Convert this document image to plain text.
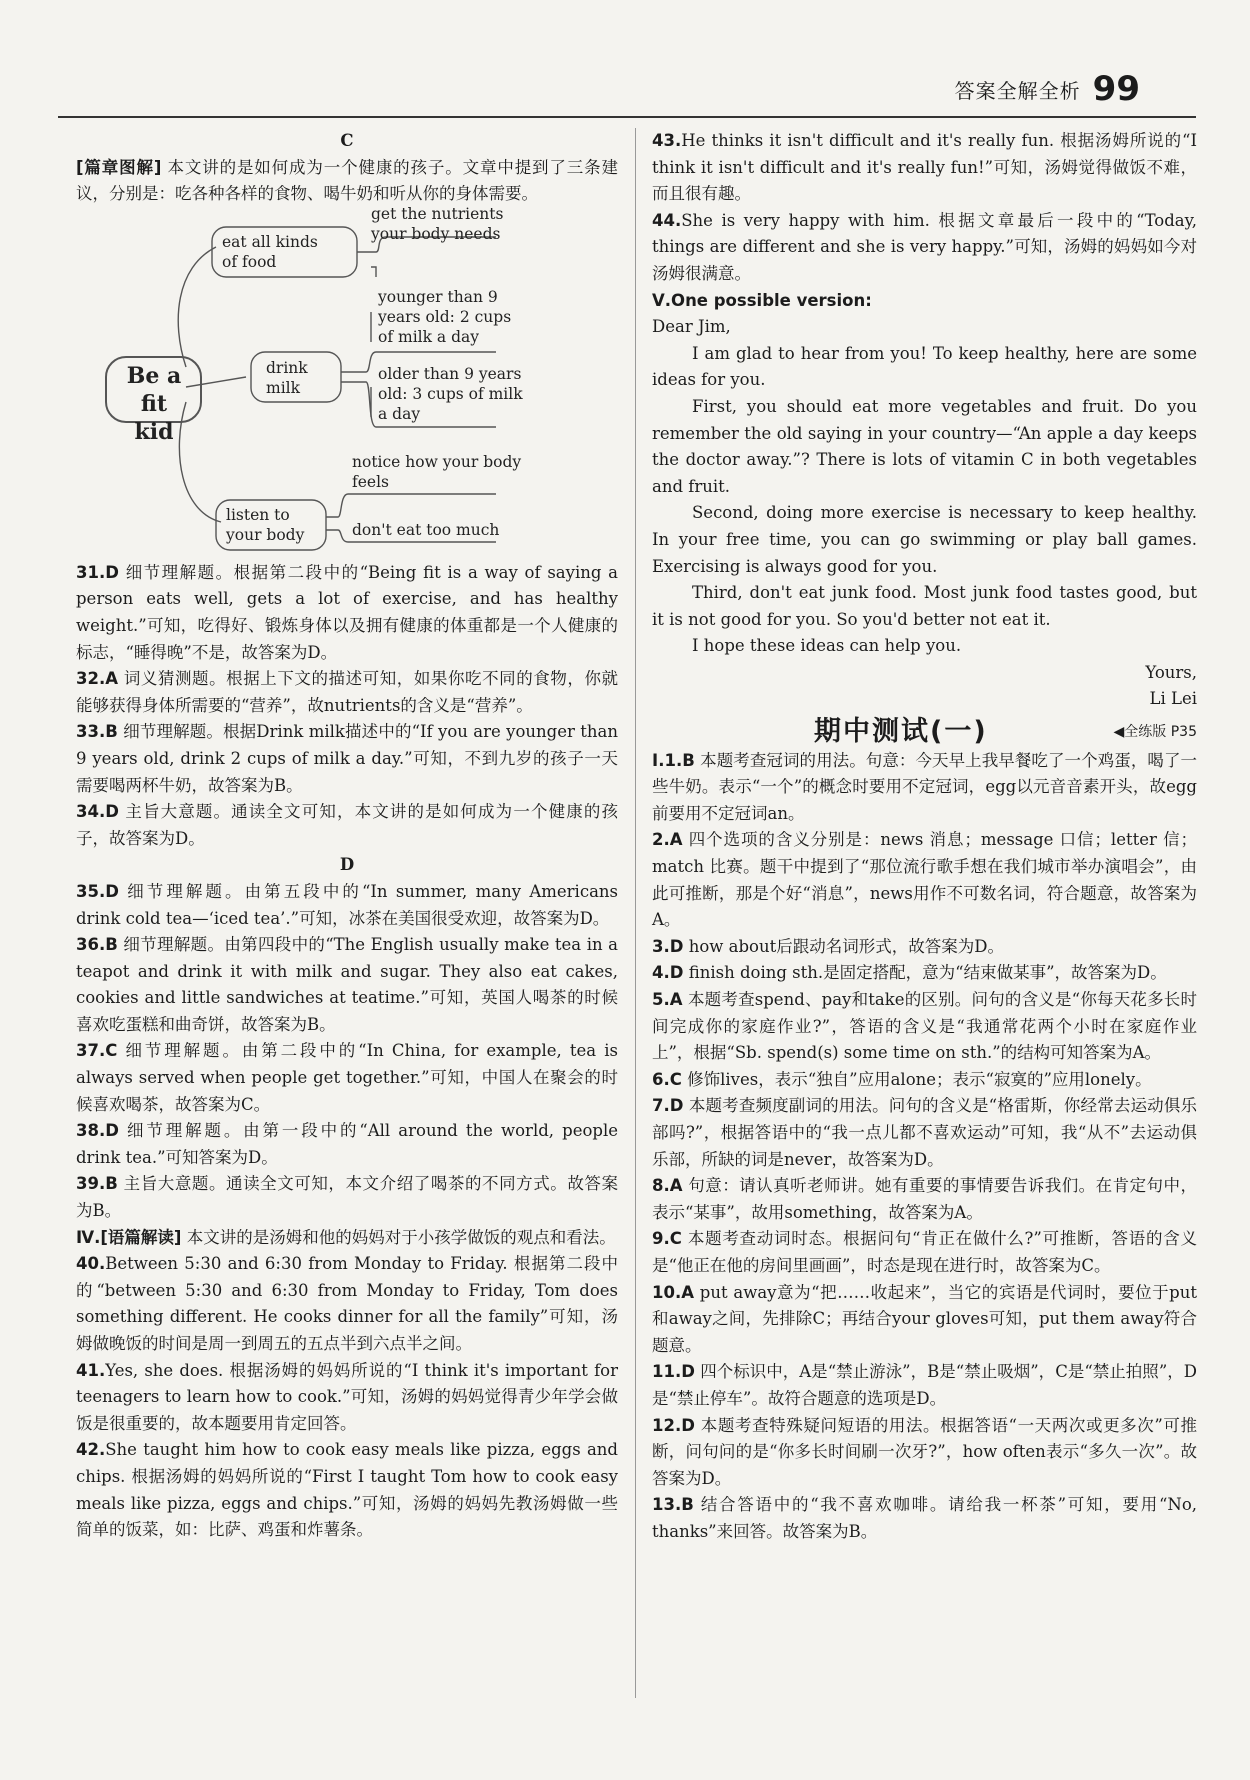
答案全解全析 99

C

[篇章图解] 本文讲的是如何成为一个健康的孩子。文章中提到了三条建议，分别是：吃各种各样的食物、喝牛奶和听从你的身体需要。

Be a fit
kid
eat all kinds
of food
get the nutrients
your body needs
drink
milk
younger than 9
years old: 2 cups
of milk a day
older than 9 years
old: 3 cups of milk
a day
listen to
your body
notice how your body
feels
don't eat too much

31.D 细节理解题。根据第二段中的“Being fit is a way of saying a person eats well, gets a lot of exercise, and has healthy weight.”可知，吃得好、锻炼身体以及拥有健康的体重都是一个人健康的标志，“睡得晚”不是，故答案为D。

32.A 词义猜测题。根据上下文的描述可知，如果你吃不同的食物，你就能够获得身体所需要的“营养”，故nutrients的含义是“营养”。

33.B 细节理解题。根据Drink milk描述中的“If you are younger than 9 years old, drink 2 cups of milk a day.”可知，不到九岁的孩子一天需要喝两杯牛奶，故答案为B。

34.D 主旨大意题。通读全文可知，本文讲的是如何成为一个健康的孩子，故答案为D。

D

35.D 细节理解题。由第五段中的“In summer, many Americans drink cold tea—‘iced tea’.”可知，冰茶在美国很受欢迎，故答案为D。

36.B 细节理解题。由第四段中的“The English usually make tea in a teapot and drink it with milk and sugar. They also eat cakes, cookies and little sandwiches at teatime.”可知，英国人喝茶的时候喜欢吃蛋糕和曲奇饼，故答案为B。

37.C 细节理解题。由第二段中的“In China, for example, tea is always served when people get together.”可知，中国人在聚会的时候喜欢喝茶，故答案为C。

38.D 细节理解题。由第一段中的“All around the world, people drink tea.”可知答案为D。

39.B 主旨大意题。通读全文可知，本文介绍了喝茶的不同方式。故答案为B。

Ⅳ.[语篇解读] 本文讲的是汤姆和他的妈妈对于小孩学做饭的观点和看法。

40.Between 5:30 and 6:30 from Monday to Friday. 根据第二段中的“between 5:30 and 6:30 from Monday to Friday, Tom does something different. He cooks dinner for all the family”可知，汤姆做晚饭的时间是周一到周五的五点半到六点半之间。

41.Yes, she does. 根据汤姆的妈妈所说的“I think it's important for teenagers to learn how to cook.”可知，汤姆的妈妈觉得青少年学会做饭是很重要的，故本题要用肯定回答。

42.She taught him how to cook easy meals like pizza, eggs and chips. 根据汤姆的妈妈所说的“First I taught Tom how to cook easy meals like pizza, eggs and chips.”可知，汤姆的妈妈先教汤姆做一些简单的饭菜，如：比萨、鸡蛋和炸薯条。

43.He thinks it isn't difficult and it's really fun. 根据汤姆所说的“I think it isn't difficult and it's really fun!”可知，汤姆觉得做饭不难，而且很有趣。

44.She is very happy with him. 根据文章最后一段中的“Today, things are different and she is very happy.”可知，汤姆的妈妈如今对汤姆很满意。

Ⅴ.One possible version:

Dear Jim,

I am glad to hear from you! To keep healthy, here are some ideas for you.

First, you should eat more vegetables and fruit. Do you remember the old saying in your country—“An apple a day keeps the doctor away.”? There is lots of vitamin C in both vegetables and fruit.

Second, doing more exercise is necessary to keep healthy. In your free time, you can go swimming or play ball games. Exercising is always good for you.

Third, don't eat junk food. Most junk food tastes good, but it is not good for you. So you'd better not eat it.

I hope these ideas can help you.

Yours,

Li Lei

期中测试(一)	◀全练版 P35

Ⅰ.1.B 本题考查冠词的用法。句意：今天早上我早餐吃了一个鸡蛋，喝了一些牛奶。表示“一个”的概念时要用不定冠词，egg以元音音素开头，故egg前要用不定冠词an。

2.A 四个选项的含义分别是：news 消息；message 口信；letter 信；match 比赛。题干中提到了“那位流行歌手想在我们城市举办演唱会”，由此可推断，那是个好“消息”，news用作不可数名词，符合题意，故答案为A。

3.D how about后跟动名词形式，故答案为D。

4.D finish doing sth.是固定搭配，意为“结束做某事”，故答案为D。

5.A 本题考查spend、pay和take的区别。问句的含义是“你每天花多长时间完成你的家庭作业?”，答语的含义是“我通常花两个小时在家庭作业上”，根据“Sb. spend(s) some time on sth.”的结构可知答案为A。

6.C 修饰lives，表示“独自”应用alone；表示“寂寞的”应用lonely。

7.D 本题考查频度副词的用法。问句的含义是“格雷斯，你经常去运动俱乐部吗?”，根据答语中的“我一点儿都不喜欢运动”可知，我“从不”去运动俱乐部，所缺的词是never，故答案为D。

8.A 句意：请认真听老师讲。她有重要的事情要告诉我们。在肯定句中，表示“某事”，故用something，故答案为A。

9.C 本题考查动词时态。根据问句“肯正在做什么?”可推断，答语的含义是“他正在他的房间里画画”，时态是现在进行时，故答案为C。

10.A put away意为“把……收起来”，当它的宾语是代词时，要位于put和away之间，先排除C；再结合your gloves可知，put them away符合题意。

11.D 四个标识中，A是“禁止游泳”，B是“禁止吸烟”，C是“禁止拍照”，D是“禁止停车”。故符合题意的选项是D。

12.D 本题考查特殊疑问短语的用法。根据答语“一天两次或更多次”可推断，问句问的是“你多长时间刷一次牙?”，how often表示“多久一次”。故答案为D。

13.B 结合答语中的“我不喜欢咖啡。请给我一杯茶”可知，要用“No, thanks”来回答。故答案为B。
